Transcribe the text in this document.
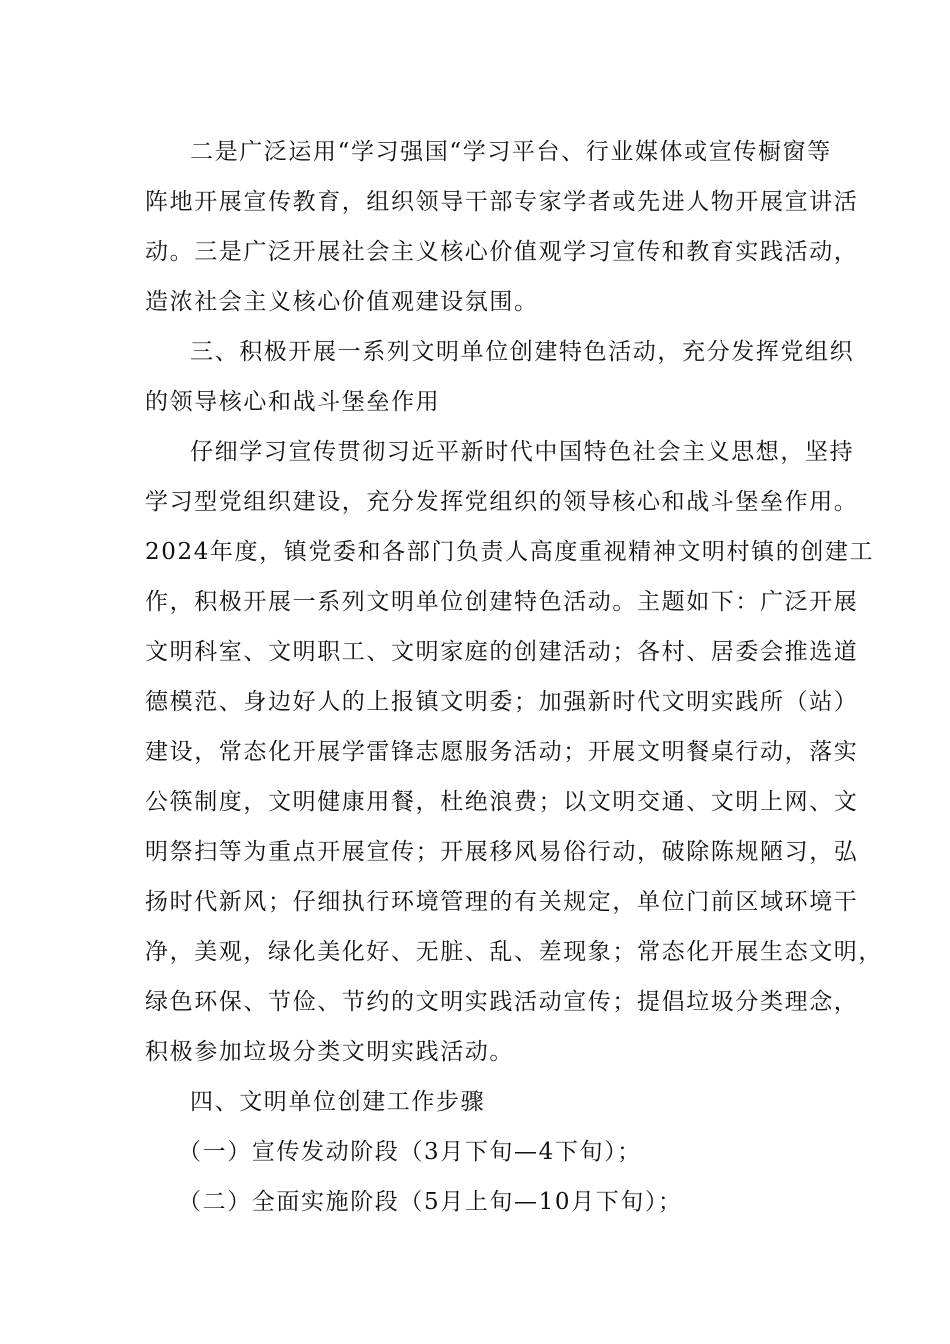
二是广泛运用“学习强国“学习平台、行业媒体或宣传橱窗等
阵地开展宣传教育，组织领导干部专家学者或先进人物开展宣讲活
动。三是广泛开展社会主义核心价值观学习宣传和教育实践活动，
造浓社会主义核心价值观建设氛围。
三、积极开展一系列文明单位创建特色活动，充分发挥党组织
的领导核心和战斗堡垒作用
仔细学习宣传贯彻习近平新时代中国特色社会主义思想，坚持
学习型党组织建设，充分发挥党组织的领导核心和战斗堡垒作用。
2024年度，镇党委和各部门负责人高度重视精神文明村镇的创建工
作，积极开展一系列文明单位创建特色活动。主题如下：广泛开展
文明科室、文明职工、文明家庭的创建活动；各村、居委会推选道
德模范、身边好人的上报镇文明委；加强新时代文明实践所（站）
建设，常态化开展学雷锋志愿服务活动；开展文明餐桌行动，落实
公筷制度，文明健康用餐，杜绝浪费；以文明交通、文明上网、文
明祭扫等为重点开展宣传；开展移风易俗行动，破除陈规陋习，弘
扬时代新风；仔细执行环境管理的有关规定，单位门前区域环境干
净，美观，绿化美化好、无脏、乱、差现象；常态化开展生态文明，
绿色环保、节俭、节约的文明实践活动宣传；提倡垃圾分类理念，
积极参加垃圾分类文明实践活动。
四、文明单位创建工作步骤
（一）宣传发动阶段（3月下旬—4下旬）；
（二）全面实施阶段（5月上旬—10月下旬）；
